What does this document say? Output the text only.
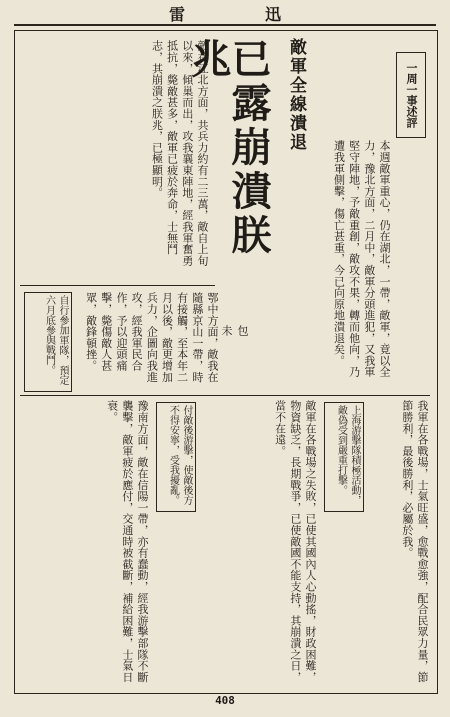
雷	迅
一周一事述評
敵軍全線潰退
已露崩潰朕兆
包　未	本週敵軍重心，仍在湖北，一帶，敵軍，竟以全力，豫北方面，二月中，敵軍分頭進犯，又我軍堅守陣地，予敵重創，敵攻不果，轉而他向，乃遭我軍側擊，傷亡甚重，今已向原地潰退矣。
敵在江北方面，共兵力約有二三萬，敵自上旬以來，傾巢而出，攻我襄東陣地，經我軍奮勇抵抗，斃敵甚多，敵軍已疲於奔命，士無鬥志，其崩潰之朕兆，已極顯明。
自行參加軍隊，預定六月底參與戰鬥。	鄂中方面，敵我在隨縣京山一帶，時有接觸，至本年二月以後，敵更增加兵力，企圖向我進攻，經我軍民合作，予以迎頭痛擊，斃傷敵人甚眾，敵鋒頓挫。
豫南方面，敵在信陽一帶，亦有蠢動，經我游擊部隊不斷襲擊，敵軍疲於應付，交通時被截斷，補給困難，士氣日衰。	付敵後游擊，使敵後方不得安寧，受我擾亂。	敵軍在各戰場之失敗，已使其國內人心動搖，財政困難，物資缺乏，長期戰爭，已使敵國不能支持，其崩潰之日，當不在遠。	上海游擊隊積極活動，敵偽受到嚴重打擊。	我軍在各戰場，士氣旺盛，愈戰愈強，配合民眾力量，節節勝利，最後勝利，必屬於我。
408
